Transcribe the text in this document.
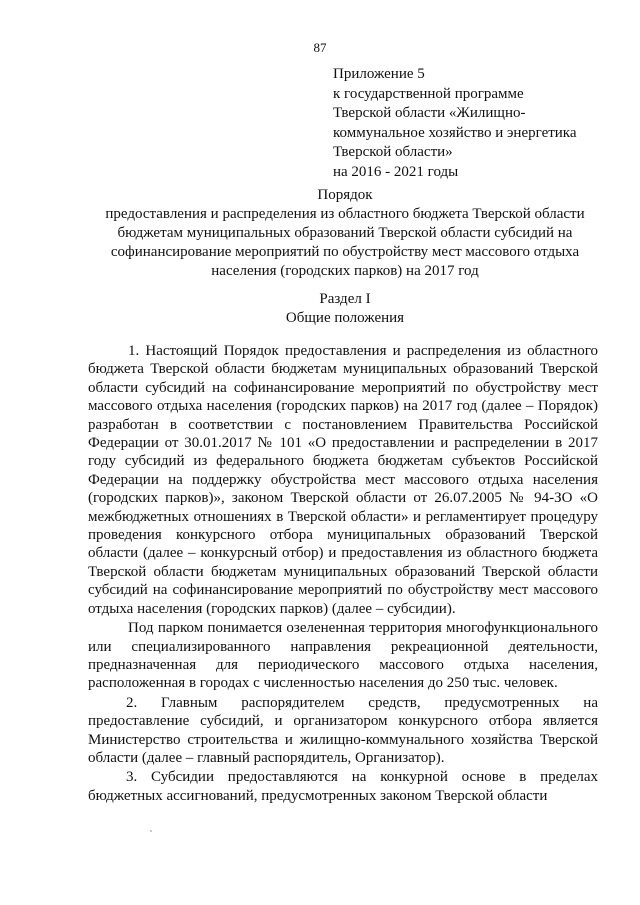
87
Приложение 5
к государственной программе
Тверской области «Жилищно-
коммунальное хозяйство и энергетика
Тверской области»
на 2016 - 2021 годы
Порядок
предоставления и распределения из областного бюджета Тверской области
бюджетам муниципальных образований Тверской области субсидий на
софинансирование мероприятий по обустройству мест массового отдыха
населения (городских парков) на 2017 год
Раздел I
Общие положения

1. Настоящий Порядок предоставления и распределения из областного бюджета Тверской области бюджетам муниципальных образований Тверской области субсидий на софинансирование мероприятий по обустройству мест массового отдыха населения (городских парков) на 2017 год (далее – Порядок) разработан в соответствии с постановлением Правительства Российской Федерации от 30.01.2017 № 101 «О предоставлении и распределении в 2017 году субсидий из федерального бюджета бюджетам субъектов Российской Федерации на поддержку обустройства мест массового отдыха населения (городских парков)», законом Тверской области от 26.07.2005 № 94-ЗО «О межбюджетных отношениях в Тверской области» и регламентирует процедуру проведения конкурсного отбора муниципальных образований Тверской области (далее – конкурсный отбор) и предоставления из областного бюджета Тверской области бюджетам муниципальных образований Тверской области субсидий на софинансирование мероприятий по обустройству мест массового отдыха населения (городских парков) (далее – субсидии).

Под парком понимается озелененная территория многофункционального или специализированного направления рекреационной деятельности, предназначенная для периодического массового отдыха населения, расположенная в городах с численностью населения до 250 тыс. человек.

2. Главным распорядителем средств, предусмотренных на предоставление субсидий, и организатором конкурсного отбора является Министерство строительства и жилищно-коммунального хозяйства Тверской области (далее – главный распорядитель, Организатор).

3. Субсидии предоставляются на конкурной основе в пределах бюджетных ассигнований, предусмотренных законом Тверской области
